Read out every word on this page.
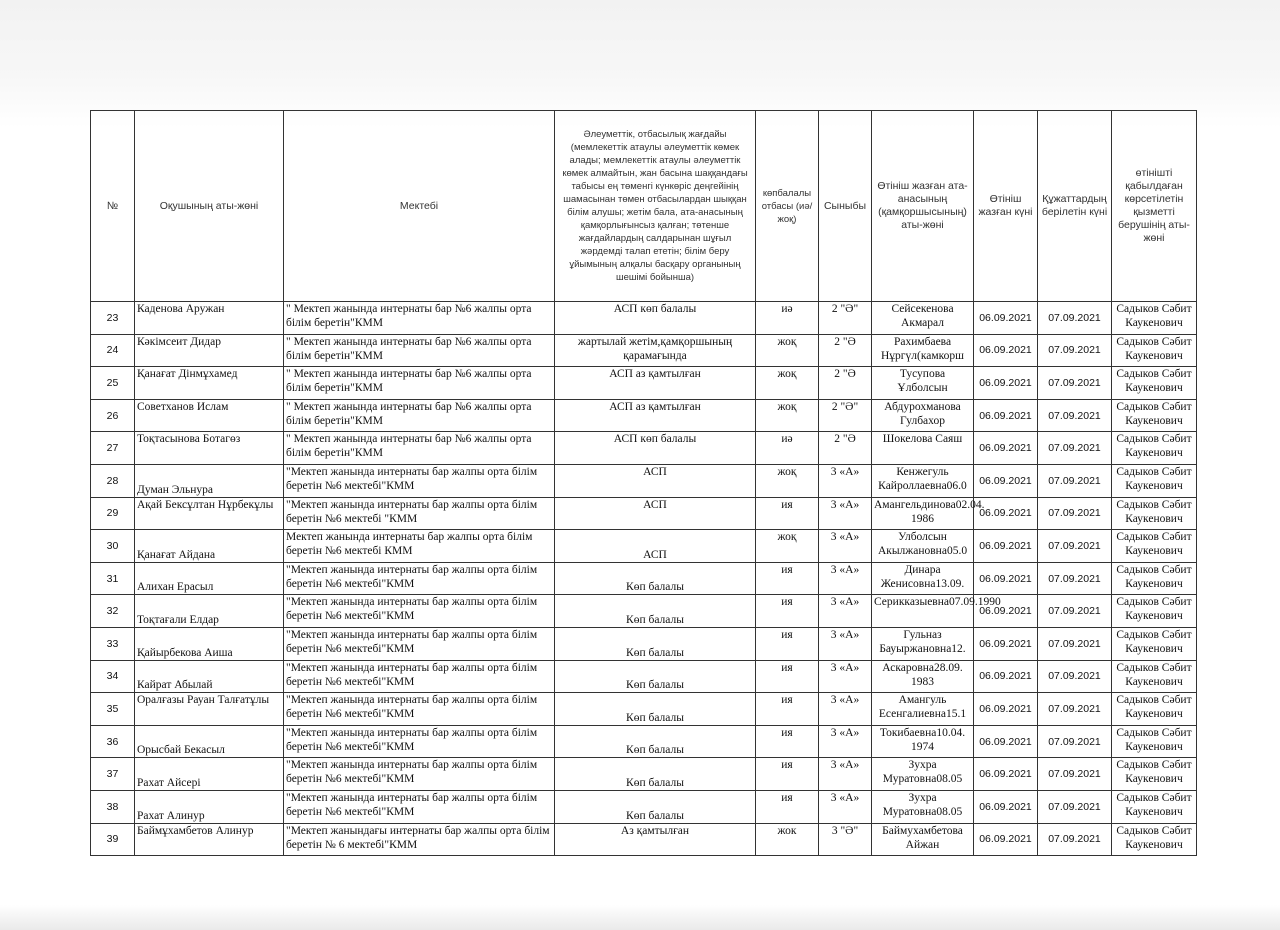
№	Оқушының аты-жөні	Мектебі	Әлеуметтік, отбасылық жағдайы (мемлекеттік атаулы әлеуметтік көмек алады; мемлекеттік атаулы әлеуметтік көмек алмайтын, жан басына шаққандағы табысы ең төменгі күнкөріс деңгейінің шамасынан төмен отбасылардан шыққан білім алушы; жетім бала, ата-анасының қамқорлығынсыз қалған; төтенше жағдайлардың салдарынан шұғыл жәрдемді талап ететін; білім беру ұйымының алқалы басқару органының шешімі бойынша)	көпбалалы отбасы (иә/жоқ)	Сыныбы	Өтініш жазған ата-анасының (қамқоршысының) аты-жөні	Өтініш жазған күні	Құжаттардың берілетін күні	өтінішті қабылдаған көрсетілетін қызметті берушінің аты-жөні
23	Каденова Аружан	" Мектеп жанында интернаты бар №6 жалпы орта білім беретін"КММ	АСП көп балалы	иә	2 "Ә"	Сейсекенова Акмарал	06.09.2021	07.09.2021	Садыков Сәбит Каукенович
24	Кәкімсеит Дидар	" Мектеп жанында интернаты бар №6 жалпы орта білім беретін"КММ	жартылай жетім,қамқоршының қарамағында	жоқ	2 "Ә	Рахимбаева Нұргүл(камкорш	06.09.2021	07.09.2021	Садыков Сәбит Каукенович
25	Қанағат Дінмұхамед	" Мектеп жанында интернаты бар №6 жалпы орта білім беретін"КММ	АСП аз қамтылған	жоқ	2 "Ә	Тусупова Ұлболсын	06.09.2021	07.09.2021	Садыков Сәбит Каукенович
26	Советханов Ислам	" Мектеп жанында интернаты бар №6 жалпы орта білім беретін"КММ	АСП аз қамтылған	жоқ	2 "Ә"	Абдурохманова Гулбахор	06.09.2021	07.09.2021	Садыков Сәбит Каукенович
27	Тоқтасынова Ботагөз	" Мектеп жанында интернаты бар №6 жалпы орта білім беретін"КММ	АСП көп балалы	иә	2 "Ә	Шокелова Саяш	06.09.2021	07.09.2021	Садыков Сәбит Каукенович
28	Думан Эльнура	"Мектеп жанында интернаты бар жалпы орта білім беретін №6 мектебі"КММ	АСП	жоқ	3 «А»	Кенжегуль Кайроллаевна06.0	06.09.2021	07.09.2021	Садыков Сәбит Каукенович
29	Ақай Бексұлтан Нұрбекұлы	"Мектеп жанында интернаты бар жалпы орта білім беретін №6 мектебі "КММ	АСП	ия	3 «А»	Амангельдинова02.04. 1986	06.09.2021	07.09.2021	Садыков Сәбит Каукенович
30	Қанағат Айдана	Мектеп жанында интернаты бар жалпы орта білім беретін №6 мектебі КММ	АСП	жоқ	3 «А»	Улболсын Акылжановна05.0	06.09.2021	07.09.2021	Садыков Сәбит Каукенович
31	Алихан Ерасыл	"Мектеп жанында интернаты бар жалпы орта білім беретін №6 мектебі"КММ	Көп балалы	ия	3 «А»	Динара Женисовна13.09.	06.09.2021	07.09.2021	Садыков Сәбит Каукенович
32	Тоқтағали Елдар	"Мектеп жанында интернаты бар жалпы орта білім беретін №6 мектебі"КММ	Көп балалы	ия	3 «А»	Серикказыевна07.09.1990	06.09.2021	07.09.2021	Садыков Сәбит Каукенович
33	Қайырбекова Аиша	"Мектеп жанында интернаты бар жалпы орта білім беретін №6 мектебі"КММ	Көп балалы	ия	3 «А»	Гульназ Бауыржановна12.	06.09.2021	07.09.2021	Садыков Сәбит Каукенович
34	Кайрат Абылай	"Мектеп жанында интернаты бар жалпы орта білім беретін №6 мектебі"КММ	Көп балалы	ия	3 «А»	Аскаровна28.09. 1983	06.09.2021	07.09.2021	Садыков Сәбит Каукенович
35	Оралғазы Рауан Талғатұлы	"Мектеп жанында интернаты бар жалпы орта білім беретін №6 мектебі"КММ	Көп балалы	ия	3 «А»	Амангуль Есенгалиевна15.1	06.09.2021	07.09.2021	Садыков Сәбит Каукенович
36	Орысбай Бекасыл	"Мектеп жанында интернаты бар жалпы орта білім беретін №6 мектебі"КММ	Көп балалы	ия	3 «А»	Токибаевна10.04. 1974	06.09.2021	07.09.2021	Садыков Сәбит Каукенович
37	Рахат Айсері	"Мектеп жанында интернаты бар жалпы орта білім беретін №6 мектебі"КММ	Көп балалы	ия	3 «А»	Зухра Муратовна08.05	06.09.2021	07.09.2021	Садыков Сәбит Каукенович
38	Рахат Алинур	"Мектеп жанында интернаты бар жалпы орта білім беретін №6 мектебі"КММ	Көп балалы	ия	3 «А»	Зухра Муратовна08.05	06.09.2021	07.09.2021	Садыков Сәбит Каукенович
39	Баймұхамбетов Алинур	"Мектеп жанындағы интернаты бар жалпы орта білім беретін № 6 мектебі"КММ	Аз қамтылған	жок	3 "Ә"	Баймухамбетова Айжан	06.09.2021	07.09.2021	Садыков Сәбит Каукенович
